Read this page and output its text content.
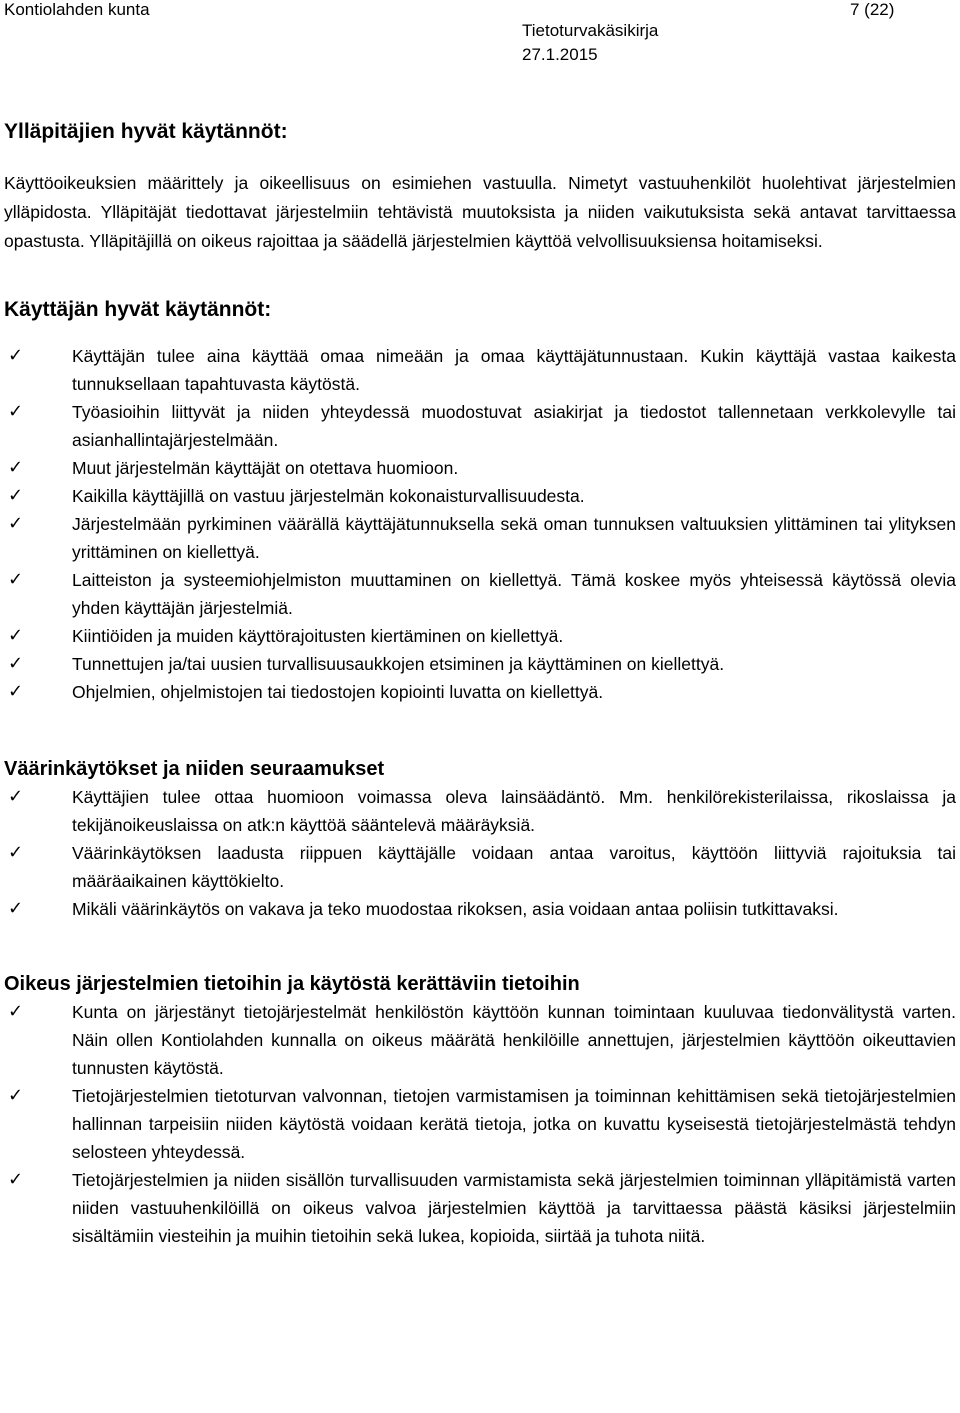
Kontiolahden kunta	7 (22)
Tietoturvakäsikirja
27.1.2015
Ylläpitäjien hyvät käytännöt:

Käyttöoikeuksien määrittely ja oikeellisuus on esimiehen vastuulla. Nimetyt vastuuhenkilöt huolehtivat järjestelmien ylläpidosta. Ylläpitäjät tiedottavat järjestelmiin tehtävistä muutoksista ja niiden vaikutuksista sekä antavat tarvittaessa opastusta. Ylläpitäjillä on oikeus rajoittaa ja säädellä järjestelmien käyttöä velvollisuuksiensa hoitamiseksi.

Käyttäjän hyvät käytännöt:
✓	Käyttäjän tulee aina käyttää omaa nimeään ja omaa käyttäjätunnustaan. Kukin käyttäjä vastaa kaikesta tunnuksellaan tapahtuvasta käytöstä.
✓	Työasioihin liittyvät ja niiden yhteydessä muodostuvat asiakirjat ja tiedostot tallennetaan verkkolevylle tai asianhallintajärjestelmään.
✓	Muut järjestelmän käyttäjät on otettava huomioon.
✓	Kaikilla käyttäjillä on vastuu järjestelmän kokonaisturvallisuudesta.
✓	Järjestelmään pyrkiminen väärällä käyttäjätunnuksella sekä oman tunnuksen valtuuksien ylittäminen tai ylityksen yrittäminen on kiellettyä.
✓	Laitteiston ja systeemiohjelmiston muuttaminen on kiellettyä. Tämä koskee myös yhteisessä käytössä olevia yhden käyttäjän järjestelmiä.
✓	Kiintiöiden ja muiden käyttörajoitusten kiertäminen on kiellettyä.
✓	Tunnettujen ja/tai uusien turvallisuusaukkojen etsiminen ja käyttäminen on kiellettyä.
✓	Ohjelmien, ohjelmistojen tai tiedostojen kopiointi luvatta on kiellettyä.
Väärinkäytökset ja niiden seuraamukset
✓	Käyttäjien tulee ottaa huomioon voimassa oleva lainsäädäntö. Mm. henkilörekisterilaissa, rikoslaissa ja tekijänoikeuslaissa on atk:n käyttöä sääntelevä määräyksiä.
✓	Väärinkäytöksen laadusta riippuen käyttäjälle voidaan antaa varoitus, käyttöön liittyviä rajoituksia tai määräaikainen käyttökielto.
✓	Mikäli väärinkäytös on vakava ja teko muodostaa rikoksen, asia voidaan antaa poliisin tutkittavaksi.
Oikeus järjestelmien tietoihin ja käytöstä kerättäviin tietoihin
✓	Kunta on järjestänyt tietojärjestelmät henkilöstön käyttöön kunnan toimintaan kuuluvaa tiedonvälitystä varten. Näin ollen Kontiolahden kunnalla on oikeus määrätä henkilöille annettujen, järjestelmien käyttöön oikeuttavien tunnusten käytöstä.
✓	Tietojärjestelmien tietoturvan valvonnan, tietojen varmistamisen ja toiminnan kehittämisen sekä tietojärjestelmien hallinnan tarpeisiin niiden käytöstä voidaan kerätä tietoja, jotka on kuvattu kyseisestä tietojärjestelmästä tehdyn selosteen yhteydessä.
✓	Tietojärjestelmien ja niiden sisällön turvallisuuden varmistamista sekä järjestelmien toiminnan ylläpitämistä varten niiden vastuuhenkilöillä on oikeus valvoa järjestelmien käyttöä ja tarvittaessa päästä käsiksi järjestelmiin sisältämiin viesteihin ja muihin tietoihin sekä lukea, kopioida, siirtää ja tuhota niitä.
